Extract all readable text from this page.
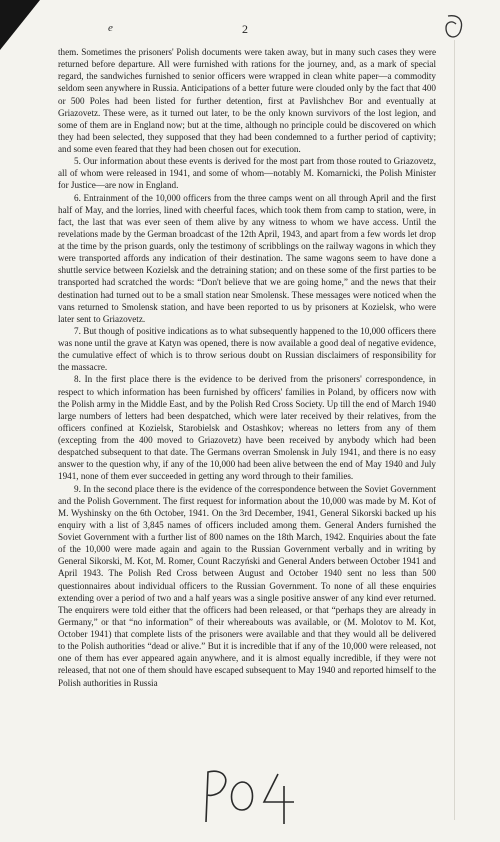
e	2

them. Sometimes the prisoners' Polish documents were taken away, but in many such cases they were returned before departure. All were furnished with rations for the journey, and, as a mark of special regard, the sandwiches furnished to senior officers were wrapped in clean white paper—a commodity seldom seen anywhere in Russia. Anticipations of a better future were clouded only by the fact that 400 or 500 Poles had been listed for further detention, first at Pavlishchev Bor and eventually at Griazovetz. These were, as it turned out later, to be the only known survivors of the lost legion, and some of them are in England now; but at the time, although no principle could be discovered on which they had been selected, they supposed that they had been condemned to a further period of captivity; and some even feared that they had been chosen out for execution.

5. Our information about these events is derived for the most part from those routed to Griazovetz, all of whom were released in 1941, and some of whom—notably M. Komarnicki, the Polish Minister for Justice—are now in England.

6. Entrainment of the 10,000 officers from the three camps went on all through April and the first half of May, and the lorries, lined with cheerful faces, which took them from camp to station, were, in fact, the last that was ever seen of them alive by any witness to whom we have access. Until the revelations made by the German broadcast of the 12th April, 1943, and apart from a few words let drop at the time by the prison guards, only the testimony of scribblings on the railway wagons in which they were transported affords any indication of their destination. The same wagons seem to have done a shuttle service between Kozielsk and the detraining station; and on these some of the first parties to be transported had scratched the words: “Don't believe that we are going home,” and the news that their destination had turned out to be a small station near Smolensk. These messages were noticed when the vans returned to Smolensk station, and have been reported to us by prisoners at Kozielsk, who were later sent to Griazovetz.

7. But though of positive indications as to what subsequently happened to the 10,000 officers there was none until the grave at Katyn was opened, there is now available a good deal of negative evidence, the cumulative effect of which is to throw serious doubt on Russian disclaimers of responsibility for the massacre.

8. In the first place there is the evidence to be derived from the prisoners' correspondence, in respect to which information has been furnished by officers' families in Poland, by officers now with the Polish army in the Middle East, and by the Polish Red Cross Society. Up till the end of March 1940 large numbers of letters had been despatched, which were later received by their relatives, from the officers confined at Kozielsk, Starobielsk and Ostashkov; whereas no letters from any of them (excepting from the 400 moved to Griazovetz) have been received by anybody which had been despatched subsequent to that date. The Germans overran Smolensk in July 1941, and there is no easy answer to the question why, if any of the 10,000 had been alive between the end of May 1940 and July 1941, none of them ever succeeded in getting any word through to their families.

9. In the second place there is the evidence of the correspondence between the Soviet Government and the Polish Government. The first request for information about the 10,000 was made by M. Kot of M. Wyshinsky on the 6th October, 1941. On the 3rd December, 1941, General Sikorski backed up his enquiry with a list of 3,845 names of officers included among them. General Anders furnished the Soviet Government with a further list of 800 names on the 18th March, 1942. Enquiries about the fate of the 10,000 were made again and again to the Russian Government verbally and in writing by General Sikorski, M. Kot, M. Romer, Count Raczyński and General Anders between October 1941 and April 1943. The Polish Red Cross between August and October 1940 sent no less than 500 questionnaires about individual officers to the Russian Government. To none of all these enquiries extending over a period of two and a half years was a single positive answer of any kind ever returned. The enquirers were told either that the officers had been released, or that “perhaps they are already in Germany,” or that “no information” of their whereabouts was available, or (M. Molotov to M. Kot, October 1941) that complete lists of the prisoners were available and that they would all be delivered to the Polish authorities “dead or alive.” But it is incredible that if any of the 10,000 were released, not one of them has ever appeared again anywhere, and it is almost equally incredible, if they were not released, that not one of them should have escaped subsequent to May 1940 and reported himself to the Polish authorities in Russia
